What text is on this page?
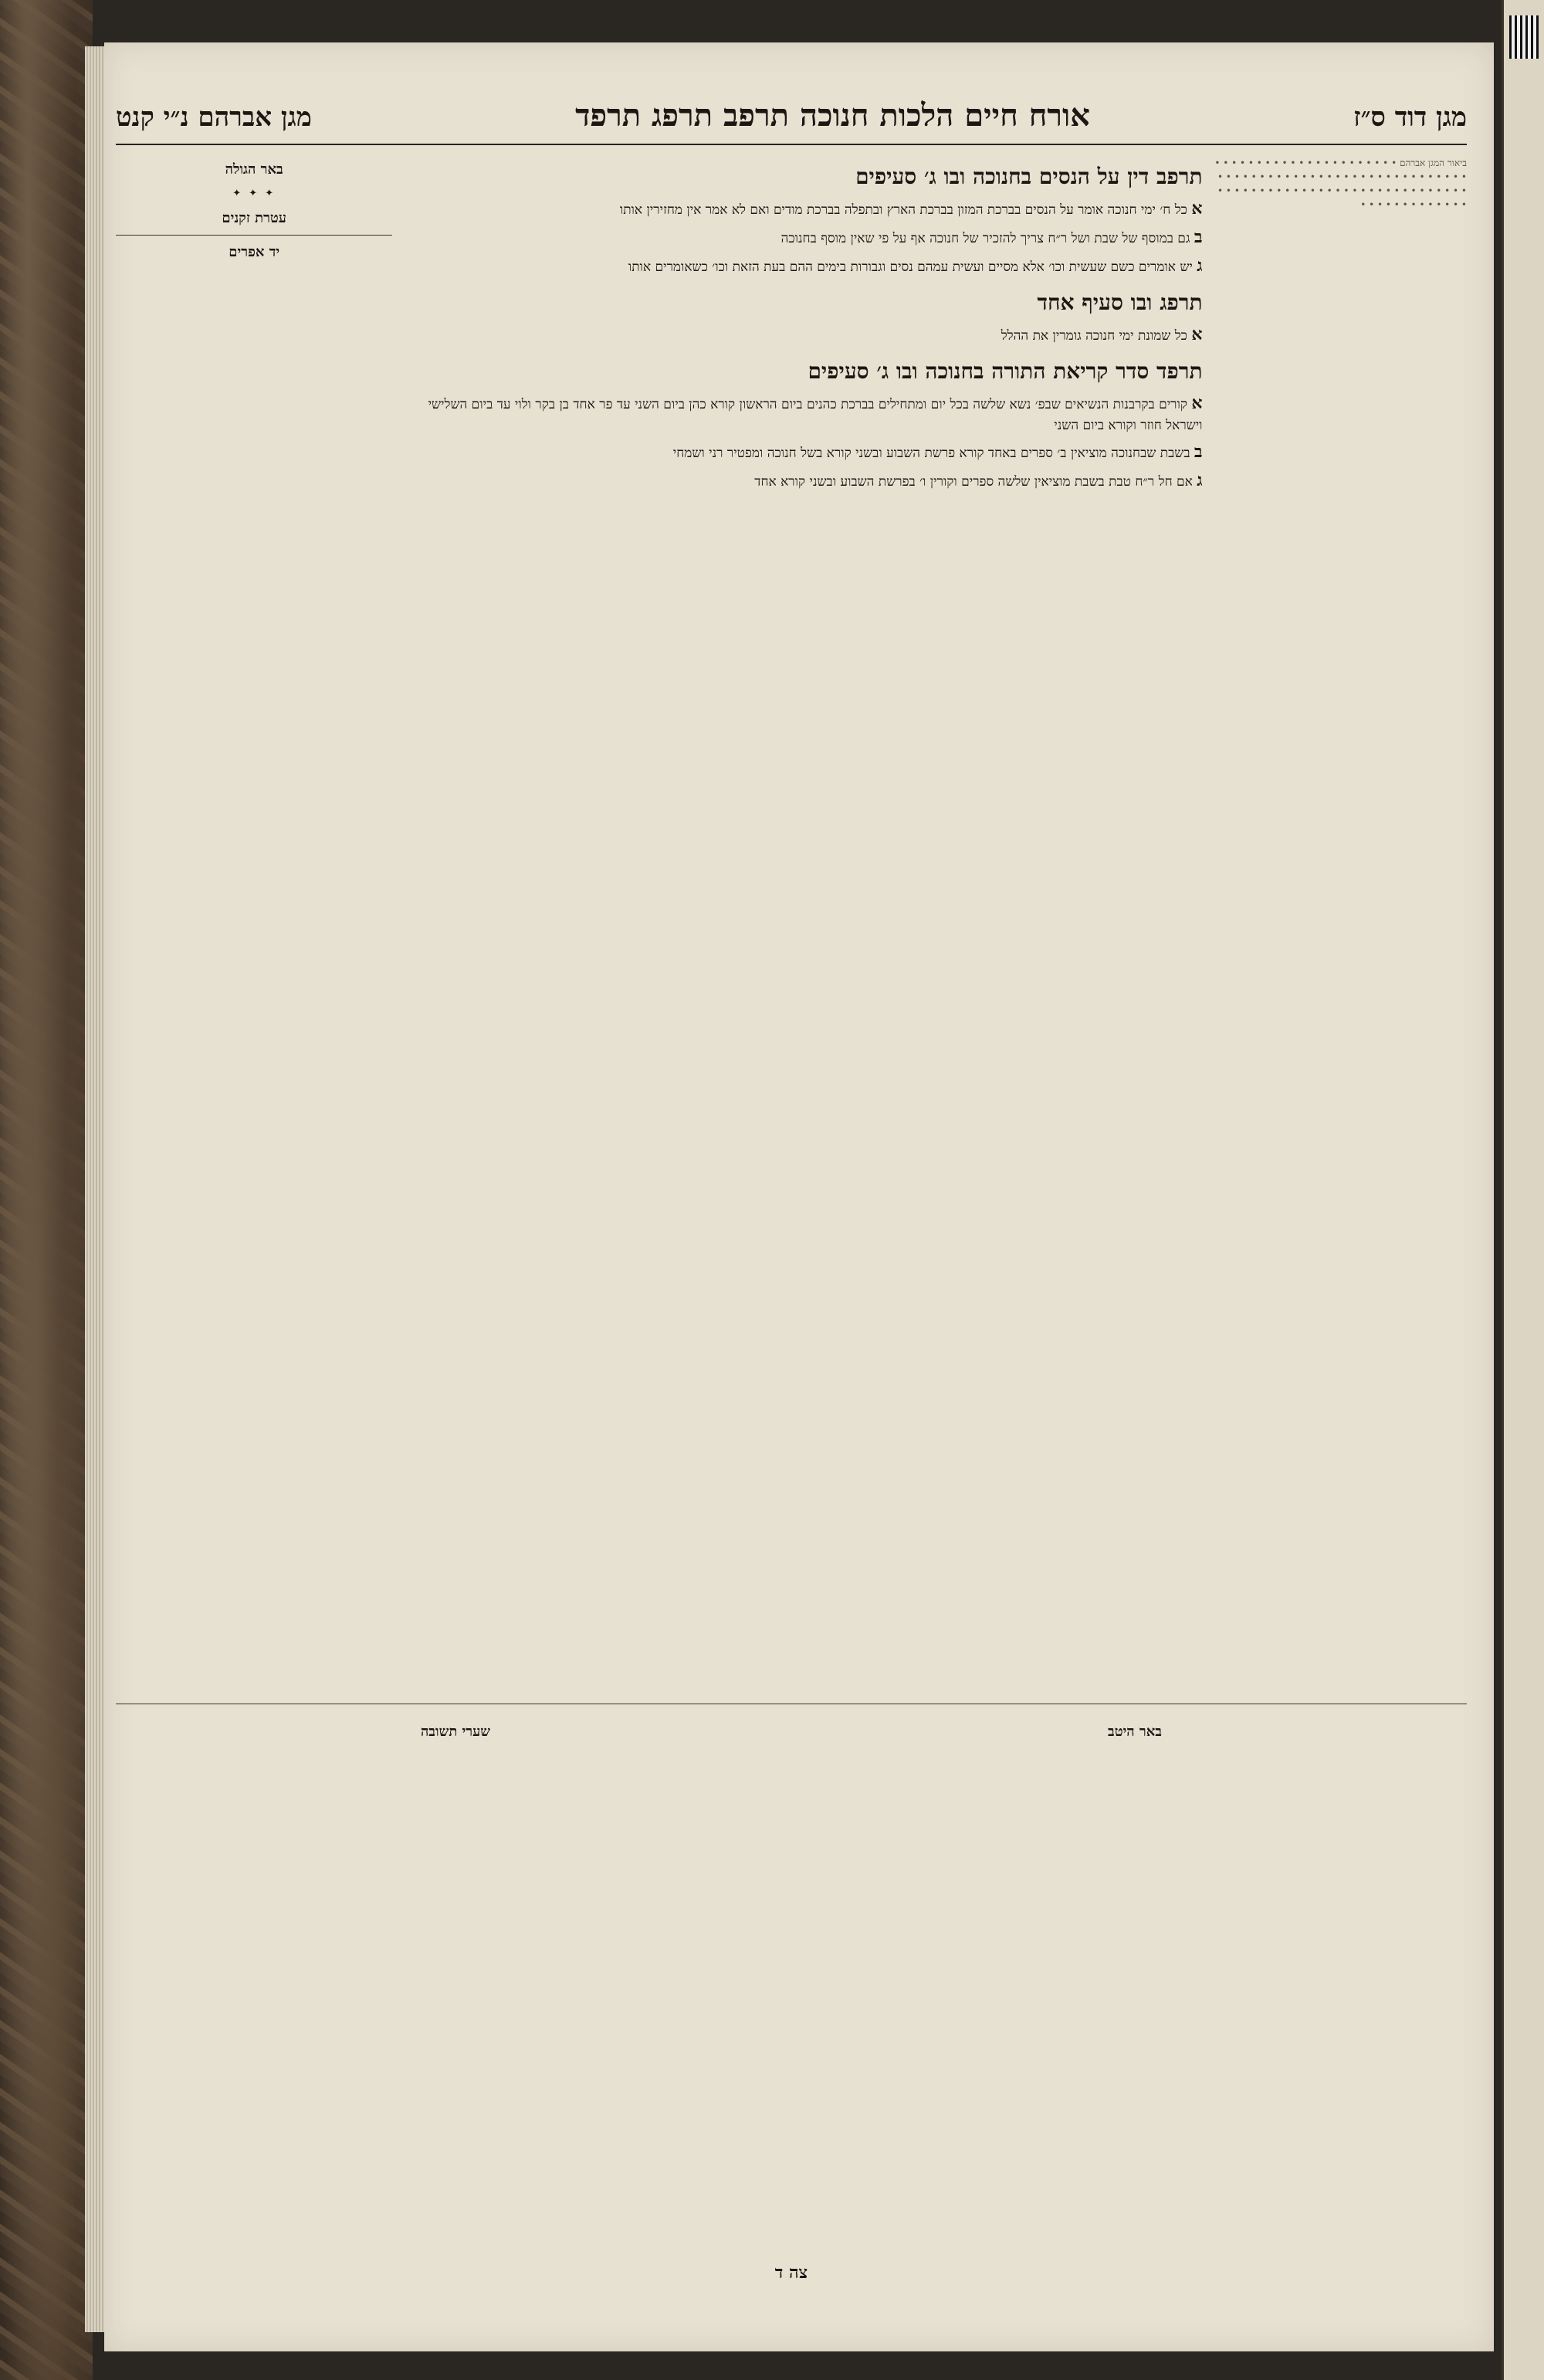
מגן דוד ס״ז
אורח חיים הלכות חנוכה תרפב תרפג תרפד
מגן אברהם נ״י קנט
ביאור המגן אברהם • • • • • • • • • • • • • • • • • • • • • • • • • • • • • • • • • • • • • • • • • • • • • • • • • • • • • • • • • • • • • • • • • • • • • • • • • • • • • • • • • • • • • • • • • • • • • • •
תרפב דין על הנסים בחנוכה ובו ג׳ סעיפים
א כל ח׳ ימי חנוכה אומר על הנסים בברכת המזון בברכת הארץ ובתפלה בברכת מודים ואם לא אמר אין מחזירין אותו
ב גם במוסף של שבת ושל ר״ח צריך להזכיר של חנוכה אף על פי שאין מוסף בחנוכה
ג יש אומרים כשם שעשית וכו׳ אלא מסיים ועשית עמהם נסים וגבורות בימים ההם בעת הזאת וכו׳ כשאומרים אותו
תרפג ובו סעיף אחד
א כל שמונת ימי חנוכה גומרין את ההלל
תרפד סדר קריאת התורה בחנוכה ובו ג׳ סעיפים
א קורים בקרבנות הנשיאים שבפ׳ נשא שלשה בכל יום ומתחילים בברכת כהנים ביום הראשון קורא כהן ביום השני עד פר אחד בן בקר ולוי עד ביום השלישי וישראל חוזר וקורא ביום השני
ב בשבת שבחנוכה מוציאין ב׳ ספרים באחד קורא פרשת השבוע ובשני קורא בשל חנוכה ומפטיר רני ושמחי
ג אם חל ר״ח טבת בשבת מוציאין שלשה ספרים וקורין ו׳ בפרשת השבוע ובשני קורא אחד
באר הגולה
✦ ✦ ✦
עטרת זקנים
יד אפרים
באר היטב
שערי תשובה
צה ד
